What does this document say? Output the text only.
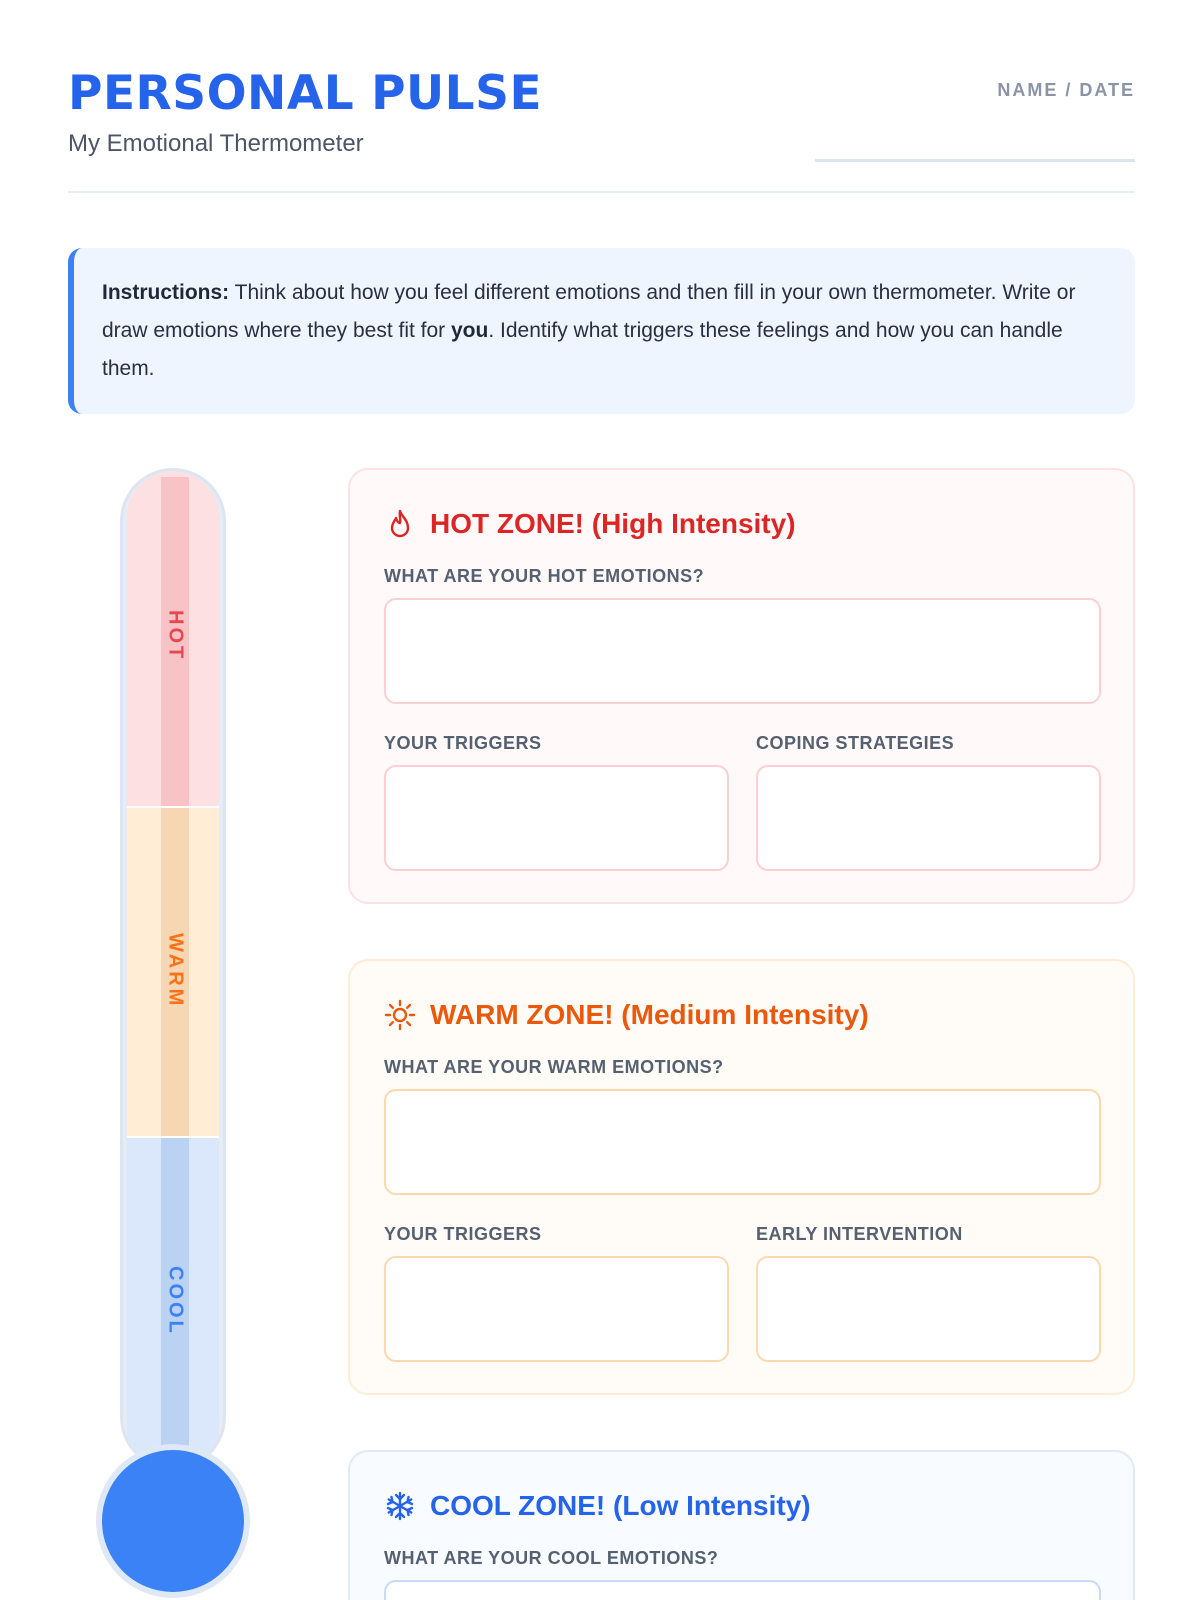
PERSONAL PULSE
My Emotional Thermometer
NAME / DATE
Instructions: Think about how you feel different emotions and then fill in your own thermometer. Write or draw emotions where they best fit for you. Identify what triggers these feelings and how you can handle them.
HOT
WARM
COOL
HOT ZONE! (High Intensity)
WHAT ARE YOUR HOT EMOTIONS?
YOUR TRIGGERS	COPING STRATEGIES
WARM ZONE! (Medium Intensity)
WHAT ARE YOUR WARM EMOTIONS?
YOUR TRIGGERS	EARLY INTERVENTION
COOL ZONE! (Low Intensity)
WHAT ARE YOUR COOL EMOTIONS?
